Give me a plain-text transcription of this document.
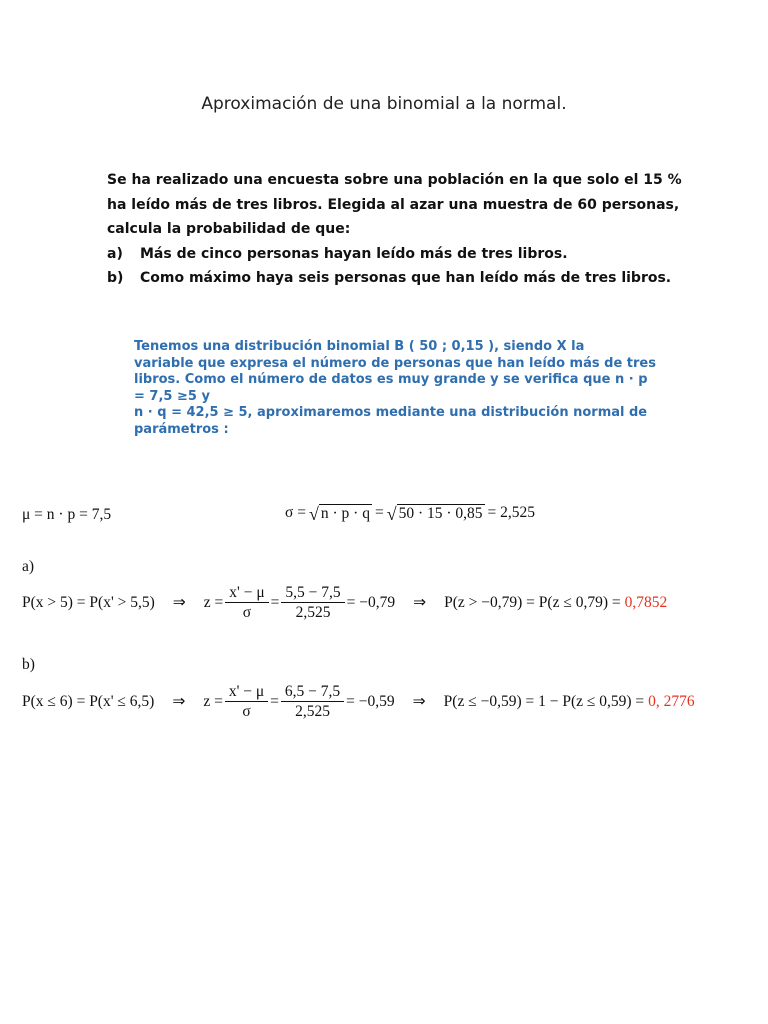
Aproximación de una binomial a la normal.
Se ha realizado una encuesta sobre una población en la que solo el 15 %
ha leído más de tres libros. Elegida al azar una muestra de 60 personas,
calcula la probabilidad de que:
a)	Más de cinco personas hayan leído más de tres libros.
b)	Como máximo haya seis personas que han leído más de tres libros.
Tenemos una distribución binomial B ( 50 ; 0,15 ), siendo X la
variable que expresa el número de personas que han leído más de tres
libros. Como el número de datos es muy grande y se verifica que n · p
= 7,5 ≥5 y
n · q = 42,5 ≥ 5, aproximaremos mediante una distribución normal de
parámetros :
μ = n · p = 7,5	σ = √ n · p · q = √ 50 · 15 · 0,85 = 2,525
a)
P(x > 5) = P(x' > 5,5) ⇒ $z = \frac{x' - \mu}{\sigma} = \frac{5,5 - 7,5}{2,525} = -0,79$ ⇒ P(z > −0,79) = P(z ≤ 0,79) = 0,7852
b)
P(x ≤ 6) = P(x' ≤ 6,5) ⇒ $z = \frac{x' - \mu}{\sigma} = \frac{6,5 - 7,5}{2,525} = -0,59$ ⇒ P(z ≤ −0,59) = 1 − P(z ≤ 0,59) = 0, 2776
